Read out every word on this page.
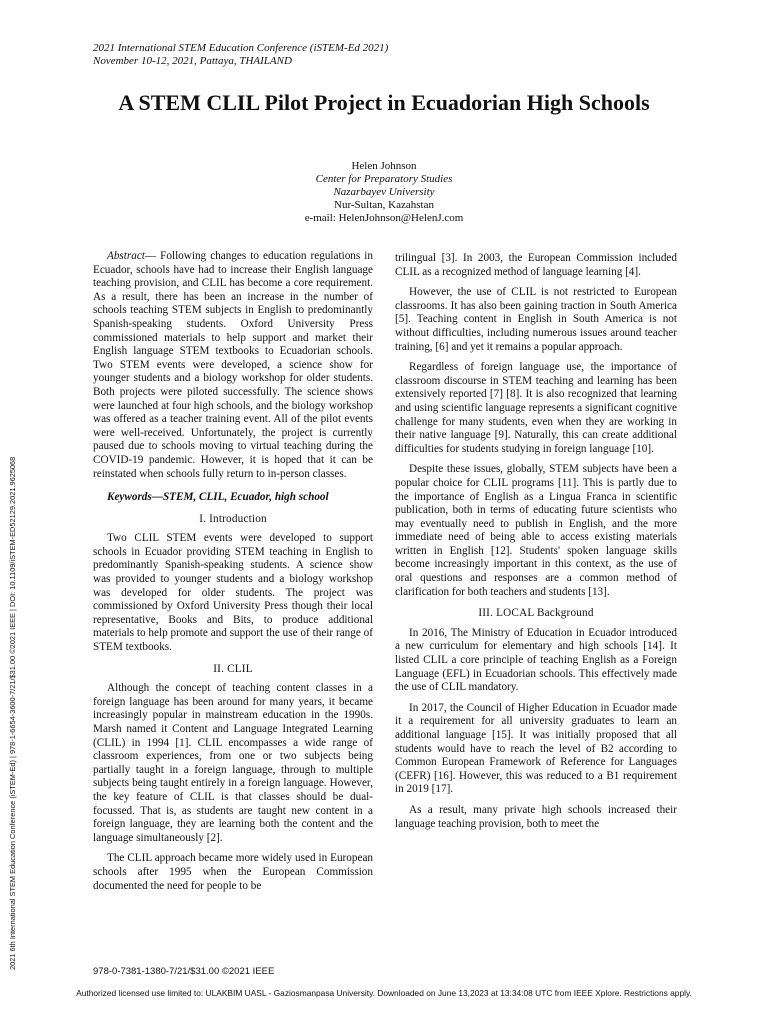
2021 International STEM Education Conference (iSTEM-Ed 2021)
November 10-12, 2021, Pattaya, THAILAND
A STEM CLIL Pilot Project in Ecuadorian High Schools
Helen Johnson
Center for Preparatory Studies
Nazarbayev University
Nur-Sultan, Kazahstan
e-mail: HelenJohnson@HelenJ.com

Abstract— Following changes to education regulations in Ecuador, schools have had to increase their English language teaching provision, and CLIL has become a core requirement. As a result, there has been an increase in the number of schools teaching STEM subjects in English to predominantly Spanish-speaking students. Oxford University Press commissioned materials to help support and market their English language STEM textbooks to Ecuadorian schools. Two STEM events were developed, a science show for younger students and a biology workshop for older students. Both projects were piloted successfully. The science shows were launched at four high schools, and the biology workshop was offered as a teacher training event. All of the pilot events were well-received. Unfortunately, the project is currently paused due to schools moving to virtual teaching during the COVID-19 pandemic. However, it is hoped that it can be reinstated when schools fully return to in-person classes.

Keywords—STEM, CLIL, Ecuador, high school

I. Introduction

Two CLIL STEM events were developed to support schools in Ecuador providing STEM teaching in English to predominantly Spanish-speaking students. A science show was provided to younger students and a biology workshop was developed for older students. The project was commissioned by Oxford University Press though their local representative, Books and Bits, to produce additional materials to help promote and support the use of their range of STEM textbooks.

II. CLIL

Although the concept of teaching content classes in a foreign language has been around for many years, it became increasingly popular in mainstream education in the 1990s. Marsh named it Content and Language Integrated Learning (CLIL) in 1994 [1]. CLIL encompasses a wide range of classroom experiences, from one or two subjects being partially taught in a foreign language, through to multiple subjects being taught entirely in a foreign language. However, the key feature of CLIL is that classes should be dual-focussed. That is, as students are taught new content in a foreign language, they are learning both the content and the language simultaneously [2].

The CLIL approach became more widely used in European schools after 1995 when the European Commission documented the need for people to be

trilingual [3]. In 2003, the European Commission included CLIL as a recognized method of language learning [4].

However, the use of CLIL is not restricted to European classrooms. It has also been gaining traction in South America [5]. Teaching content in English in South America is not without difficulties, including numerous issues around teacher training, [6] and yet it remains a popular approach.

Regardless of foreign language use, the importance of classroom discourse in STEM teaching and learning has been extensively reported [7] [8]. It is also recognized that learning and using scientific language represents a significant cognitive challenge for many students, even when they are working in their native language [9]. Naturally, this can create additional difficulties for students studying in foreign language [10].

Despite these issues, globally, STEM subjects have been a popular choice for CLIL programs [11]. This is partly due to the importance of English as a Lingua Franca in scientific publication, both in terms of educating future scientists who may eventually need to publish in English, and the more immediate need of being able to access existing materials written in English [12]. Students' spoken language skills become increasingly important in this context, as the use of oral questions and responses are a common method of clarification for both teachers and students [13].

III. LOCAL Background

In 2016, The Ministry of Education in Ecuador introduced a new curriculum for elementary and high schools [14]. It listed CLIL a core principle of teaching English as a Foreign Language (EFL) in Ecuadorian schools. This effectively made the use of CLIL mandatory.

In 2017, the Council of Higher Education in Ecuador made it a requirement for all university graduates to learn an additional language [15]. It was initially proposed that all students would have to reach the level of B2 according to Common European Framework of Reference for Languages (CEFR) [16]. However, this was reduced to a B1 requirement in 2019 [17].

As a result, many private high schools increased their language teaching provision, both to meet the

2021 6th International STEM Education Conference (iSTEM-Ed) | 978-1-6654-3600-7/21/$31.00 ©2021 IEEE | DOI: 10.1109/iSTEM-ED52129.2021.9625068
978-0-7381-1380-7/21/$31.00 ©2021 IEEE
Authorized licensed use limited to: ULAKBIM UASL - Gaziosmanpasa University. Downloaded on June 13,2023 at 13:34:08 UTC from IEEE Xplore. Restrictions apply.
